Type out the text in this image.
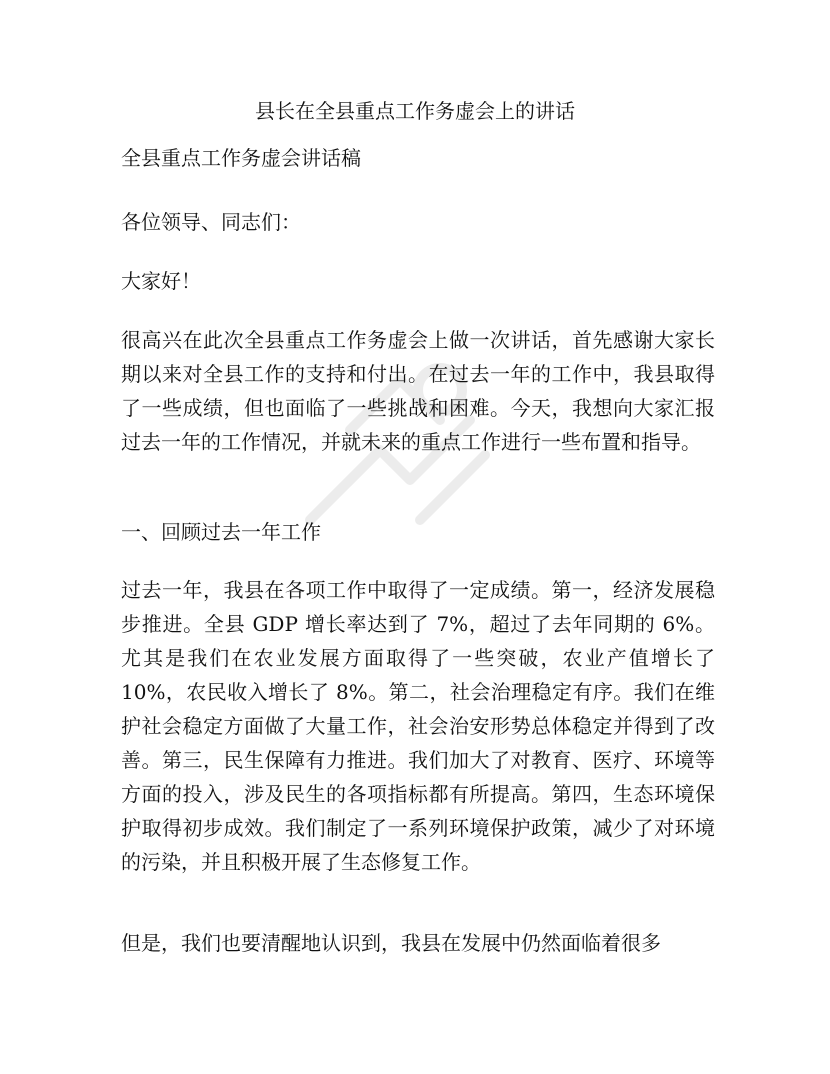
县长在全县重点工作务虚会上的讲话
全县重点工作务虚会讲话稿
各位领导、同志们：
大家好！
很高兴在此次全县重点工作务虚会上做一次讲话，首先感谢大家长期以来对全县工作的支持和付出。在过去一年的工作中，我县取得了一些成绩，但也面临了一些挑战和困难。今天，我想向大家汇报过去一年的工作情况，并就未来的重点工作进行一些布置和指导。
一、回顾过去一年工作
过去一年，我县在各项工作中取得了一定成绩。第一，经济发展稳步推进。全县 GDP 增长率达到了 7%，超过了去年同期的 6%。尤其是我们在农业发展方面取得了一些突破，农业产值增长了 10%，农民收入增长了 8%。第二，社会治理稳定有序。我们在维护社会稳定方面做了大量工作，社会治安形势总体稳定并得到了改善。第三，民生保障有力推进。我们加大了对教育、医疗、环境等方面的投入，涉及民生的各项指标都有所提高。第四，生态环境保护取得初步成效。我们制定了一系列环境保护政策，减少了对环境的污染，并且积极开展了生态修复工作。
但是，我们也要清醒地认识到，我县在发展中仍然面临着很多
